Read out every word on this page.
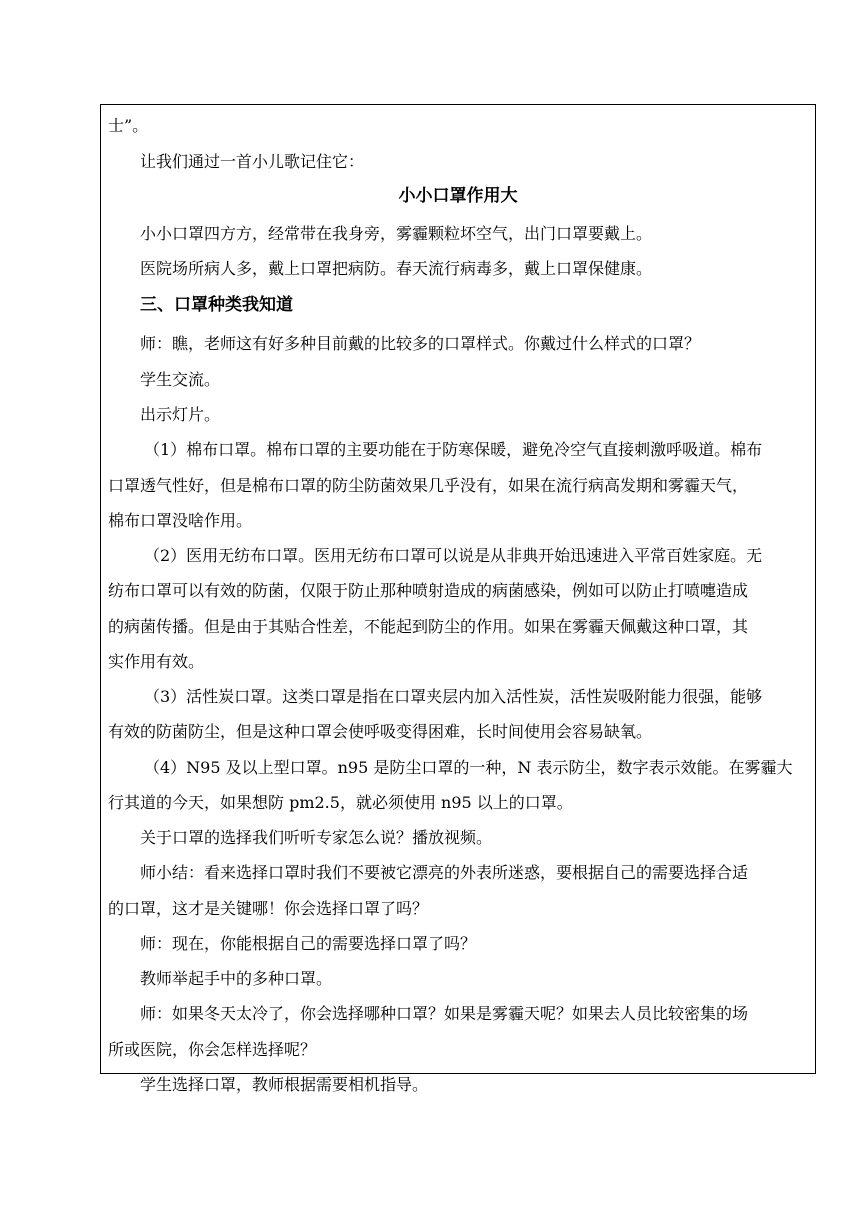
士”。
让我们通过一首小儿歌记住它：
小小口罩作用大
小小口罩四方方，经常带在我身旁，雾霾颗粒坏空气，出门口罩要戴上。
医院场所病人多，戴上口罩把病防。春天流行病毒多，戴上口罩保健康。
三、口罩种类我知道
师：瞧，老师这有好多种目前戴的比较多的口罩样式。你戴过什么样式的口罩？
学生交流。
出示灯片。
（1）棉布口罩。棉布口罩的主要功能在于防寒保暖，避免冷空气直接刺激呼吸道。棉布
口罩透气性好，但是棉布口罩的防尘防菌效果几乎没有，如果在流行病高发期和雾霾天气，
棉布口罩没啥作用。
（2）医用无纺布口罩。医用无纺布口罩可以说是从非典开始迅速进入平常百姓家庭。无
纺布口罩可以有效的防菌，仅限于防止那种喷射造成的病菌感染，例如可以防止打喷嚏造成
的病菌传播。但是由于其贴合性差，不能起到防尘的作用。如果在雾霾天佩戴这种口罩，其
实作用有效。
（3）活性炭口罩。这类口罩是指在口罩夹层内加入活性炭，活性炭吸附能力很强，能够
有效的防菌防尘，但是这种口罩会使呼吸变得困难，长时间使用会容易缺氧。
（4）N95 及以上型口罩。n95 是防尘口罩的一种，N 表示防尘，数字表示效能。在雾霾大
行其道的今天，如果想防 pm2.5，就必须使用 n95 以上的口罩。
关于口罩的选择我们听听专家怎么说？播放视频。
师小结：看来选择口罩时我们不要被它漂亮的外表所迷惑，要根据自己的需要选择合适
的口罩，这才是关键哪！你会选择口罩了吗？
师：现在，你能根据自己的需要选择口罩了吗？
教师举起手中的多种口罩。
师：如果冬天太冷了，你会选择哪种口罩？如果是雾霾天呢？如果去人员比较密集的场
所或医院，你会怎样选择呢？
学生选择口罩，教师根据需要相机指导。
